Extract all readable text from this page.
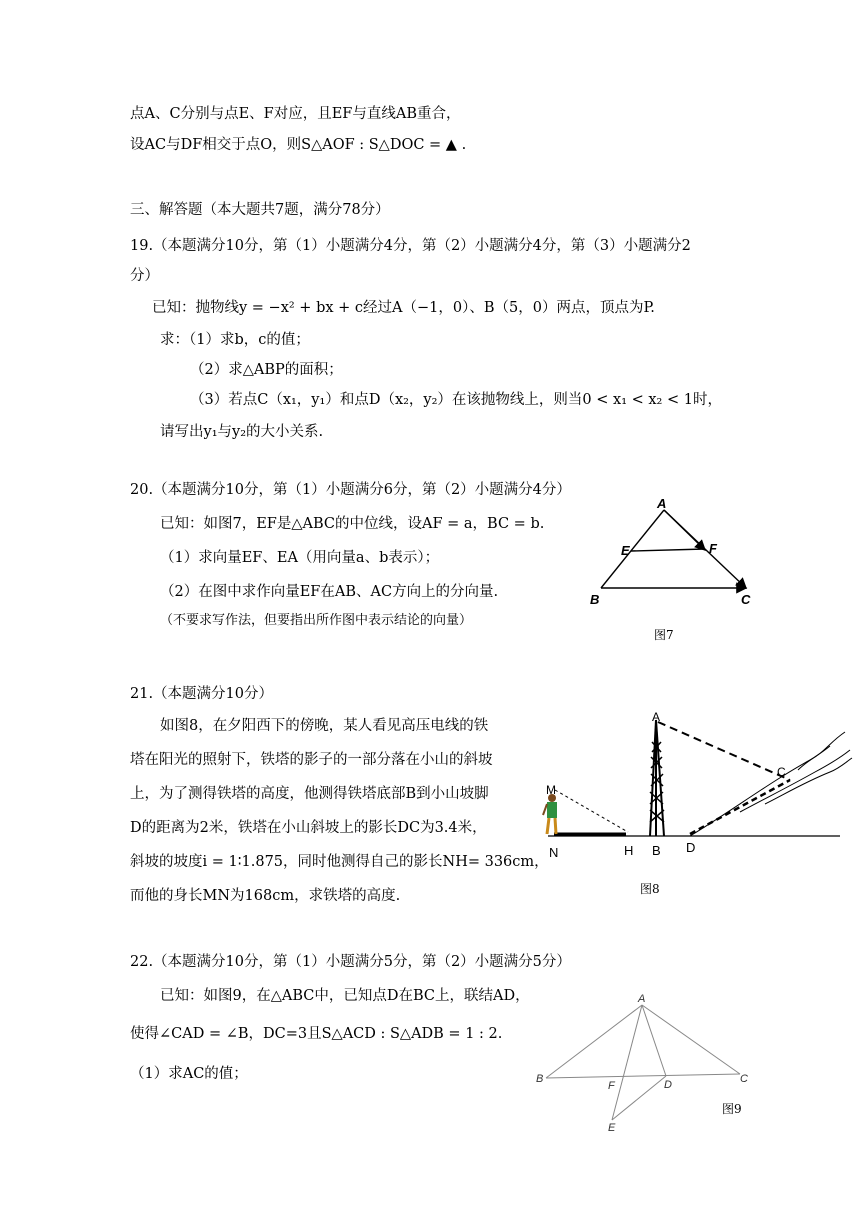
点A、C分别与点E、F对应，且EF与直线AB重合，
设AC与DF相交于点O，则S△AOF : S△DOC = ▲ .
三、解答题（本大题共7题，满分78分）
19.（本题满分10分，第（1）小题满分4分，第（2）小题满分4分，第（3）小题满分2
分）
已知：抛物线y = −x² + bx + c经过A（−1，0）、B（5，0）两点，顶点为P.
求：（1）求b，c的值；
（2）求△ABP的面积；
（3）若点C（x₁，y₁）和点D（x₂，y₂）在该抛物线上，则当0 < x₁ < x₂ < 1时，
请写出y₁与y₂的大小关系.
20.（本题满分10分，第（1）小题满分6分，第（2）小题满分4分）
已知：如图7，EF是△ABC的中位线，设AF = a，BC = b.
（1）求向量EF、EA（用向量a、b表示）；
（2）在图中求作向量EF在AB、AC方向上的分向量.
（不要求写作法，但要指出所作图中表示结论的向量）
A
E	F
B	C
图7
21.（本题满分10分）
如图8，在夕阳西下的傍晚，某人看见高压电线的铁
塔在阳光的照射下，铁塔的影子的一部分落在小山的斜坡
上，为了测得铁塔的高度，他测得铁塔底部B到小山坡脚
D的距离为2米，铁塔在小山斜坡上的影长DC为3.4米，
斜坡的坡度i = 1∶1.875，同时他测得自己的影长NH= 336cm，
而他的身长MN为168cm，求铁塔的高度.
A
C
M
N	H B D
图8
22.（本题满分10分，第（1）小题满分5分，第（2）小题满分5分）
已知：如图9，在△ABC中，已知点D在BC上，联结AD，
使得∠CAD = ∠B，DC=3且S△ACD : S△ADB = 1 : 2.
（1）求AC的值；
A
B	C
D
F
E
图9
